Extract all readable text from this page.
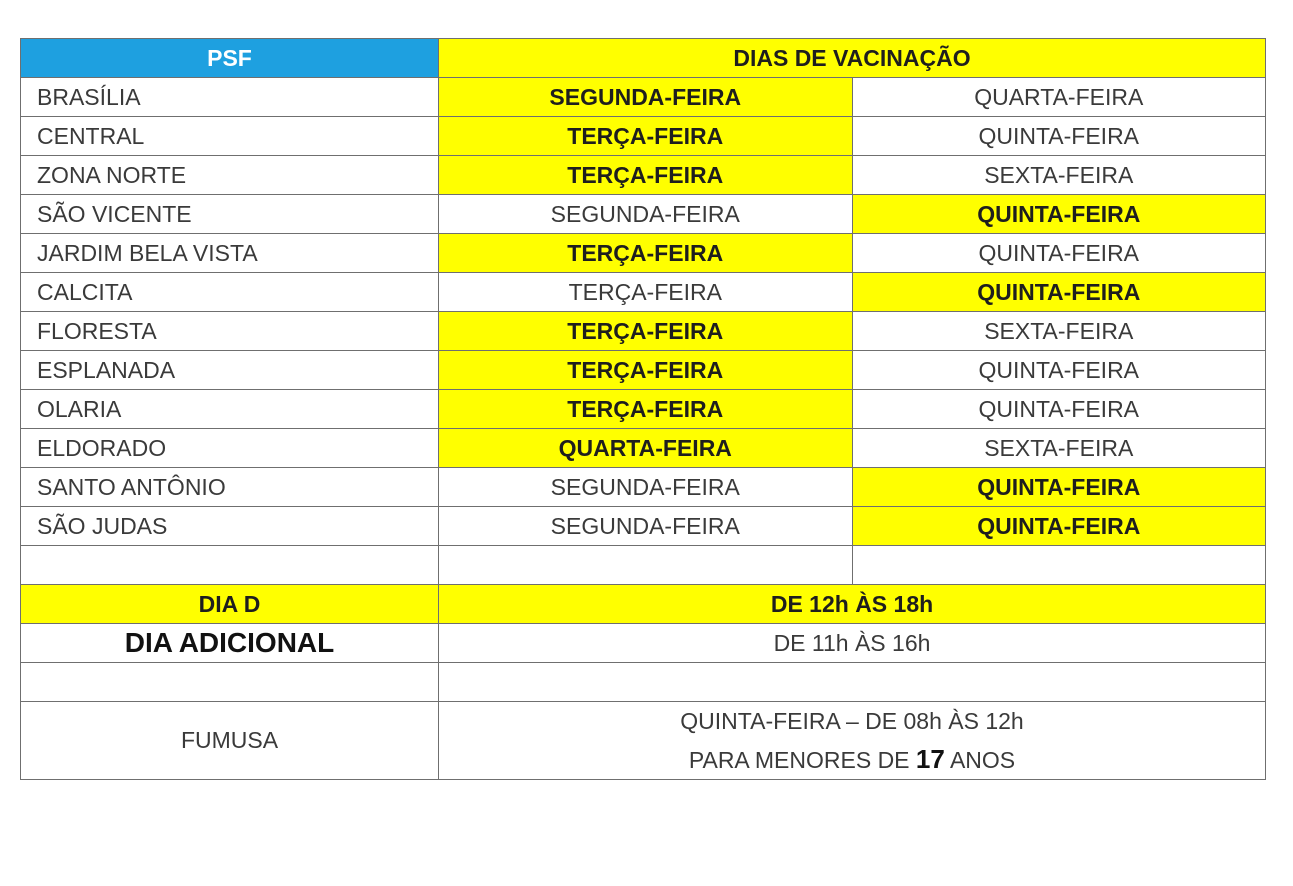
PSF	DIAS DE VACINAÇÃO	
BRASÍLIA	SEGUNDA-FEIRA	QUARTA-FEIRA
CENTRAL	TERÇA-FEIRA	QUINTA-FEIRA
ZONA NORTE	TERÇA-FEIRA	SEXTA-FEIRA
SÃO VICENTE	SEGUNDA-FEIRA	QUINTA-FEIRA
JARDIM BELA VISTA	TERÇA-FEIRA	QUINTA-FEIRA
CALCITA	TERÇA-FEIRA	QUINTA-FEIRA
FLORESTA	TERÇA-FEIRA	SEXTA-FEIRA
ESPLANADA	TERÇA-FEIRA	QUINTA-FEIRA
OLARIA	TERÇA-FEIRA	QUINTA-FEIRA
ELDORADO	QUARTA-FEIRA	SEXTA-FEIRA
SANTO ANTÔNIO	SEGUNDA-FEIRA	QUINTA-FEIRA
SÃO JUDAS	SEGUNDA-FEIRA	QUINTA-FEIRA

DIA D	DE 12h ÀS 18h	
DIA ADICIONAL	DE 11h ÀS 16h	

FUMUSA	QUINTA-FEIRA – DE 08h ÀS 12h
PARA MENORES DE 17 ANOS	
